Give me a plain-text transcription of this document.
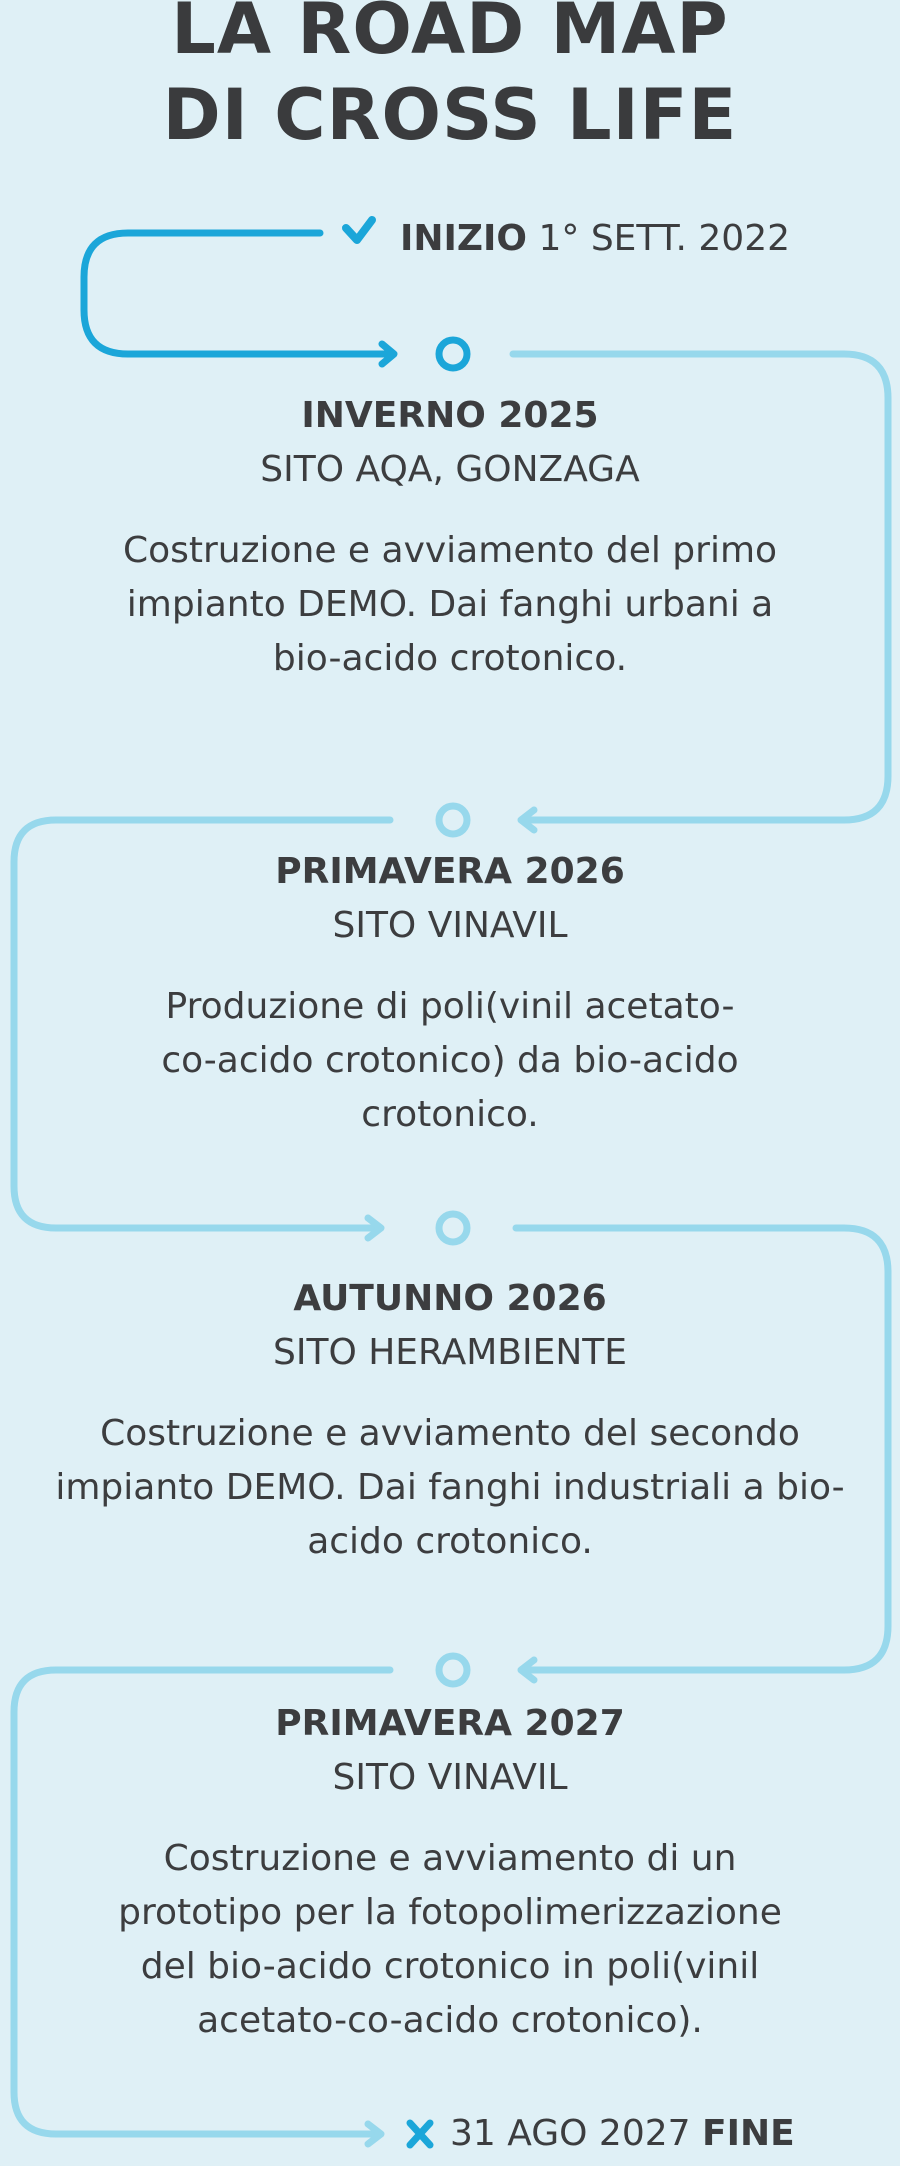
LA ROAD MAP
DI CROSS LIFE
INIZIO 1° SETT. 2022
INVERNO 2025
SITO AQA, GONZAGA
Costruzione e avviamento del primo impianto DEMO. Dai fanghi urbani a bio-acido crotonico.
PRIMAVERA 2026
SITO VINAVIL
Produzione di poli(vinil acetato-co-acido crotonico) da bio-acido crotonico.
AUTUNNO 2026
SITO HERAMBIENTE
Costruzione e avviamento del secondo impianto DEMO. Dai fanghi industriali a bio-acido crotonico.
PRIMAVERA 2027
SITO VINAVIL
Costruzione e avviamento di un prototipo per la fotopolimerizzazione del bio-acido crotonico in poli(vinil acetato-co-acido crotonico).
31 AGO 2027 FINE
